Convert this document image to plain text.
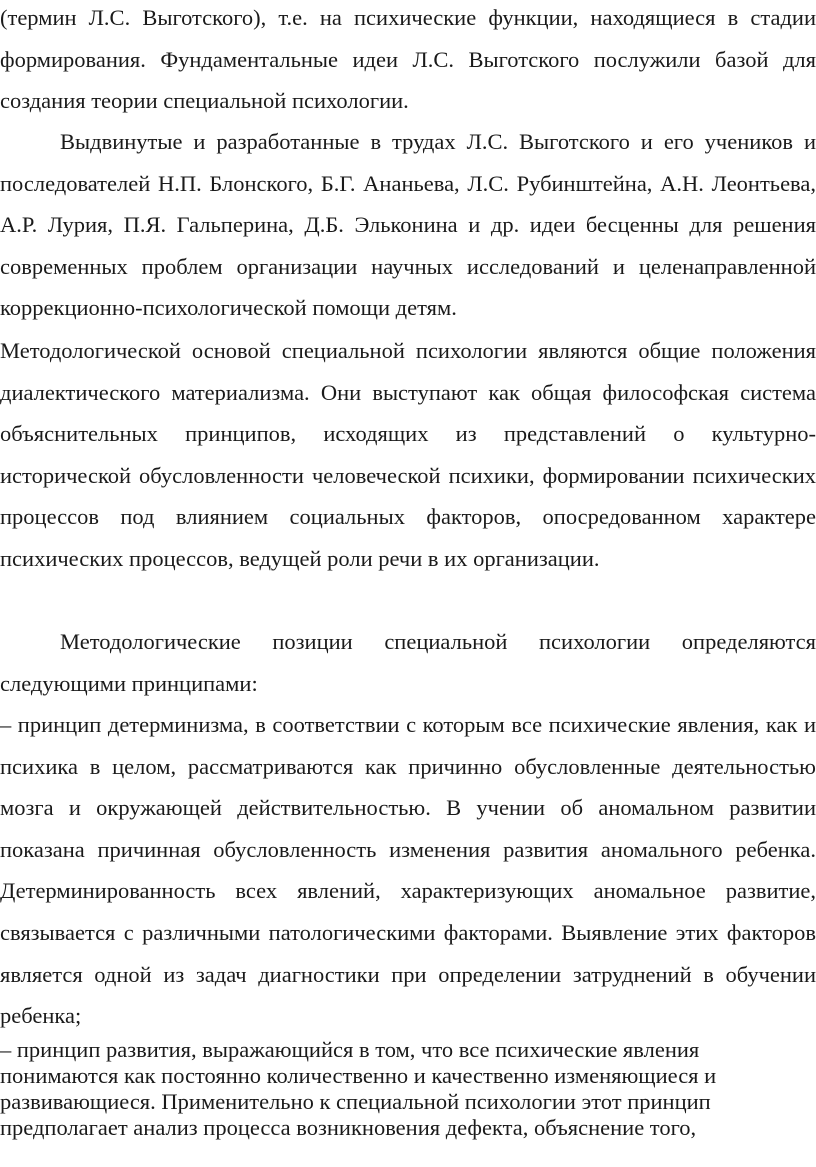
(термин Л.С. Выготского), т.е. на психические функции, находящиеся в стадии формирования. Фундаментальные идеи Л.С. Выготского послужили базой для создания теории специальной психологии.

Выдвинутые и разработанные в трудах Л.С. Выготского и его учеников и последователей Н.П. Блонского, Б.Г. Ананьева, Л.С. Рубинштейна, А.Н. Леонтьева, А.Р. Лурия, П.Я. Гальперина, Д.Б. Эльконина и др. идеи бесценны для решения современных проблем организации научных исследований и целенаправленной коррекционно-психологической помощи детям.

Методологической основой специальной психологии являются общие положения диалектического материализма. Они выступают как общая философская система объяснительных принципов, исходящих из представлений о культурно-исторической обусловленности человеческой психики, формировании психических процессов под влиянием социальных факторов, опосредованном характере психических процессов, ведущей роли речи в их организации.

Методологические позиции специальной психологии определяются следующими принципами:

– принцип детерминизма, в соответствии с которым все психические явления, как и психика в целом, рассматриваются как причинно обусловленные деятельностью мозга и окружающей действительностью. В учении об аномальном развитии показана причинная обусловленность изменения развития аномального ребенка. Детерминированность всех явлений, характеризующих аномальное развитие, связывается с различными патологическими факторами. Выявление этих факторов является одной из задач диагностики при определении затруднений в обучении ребенка;

– принцип развития, выражающийся в том, что все психические явления
понимаются как постоянно количественно и качественно изменяющиеся и
развивающиеся. Применительно к специальной психологии этот принцип
предполагает анализ процесса возникновения дефекта, объяснение того,
